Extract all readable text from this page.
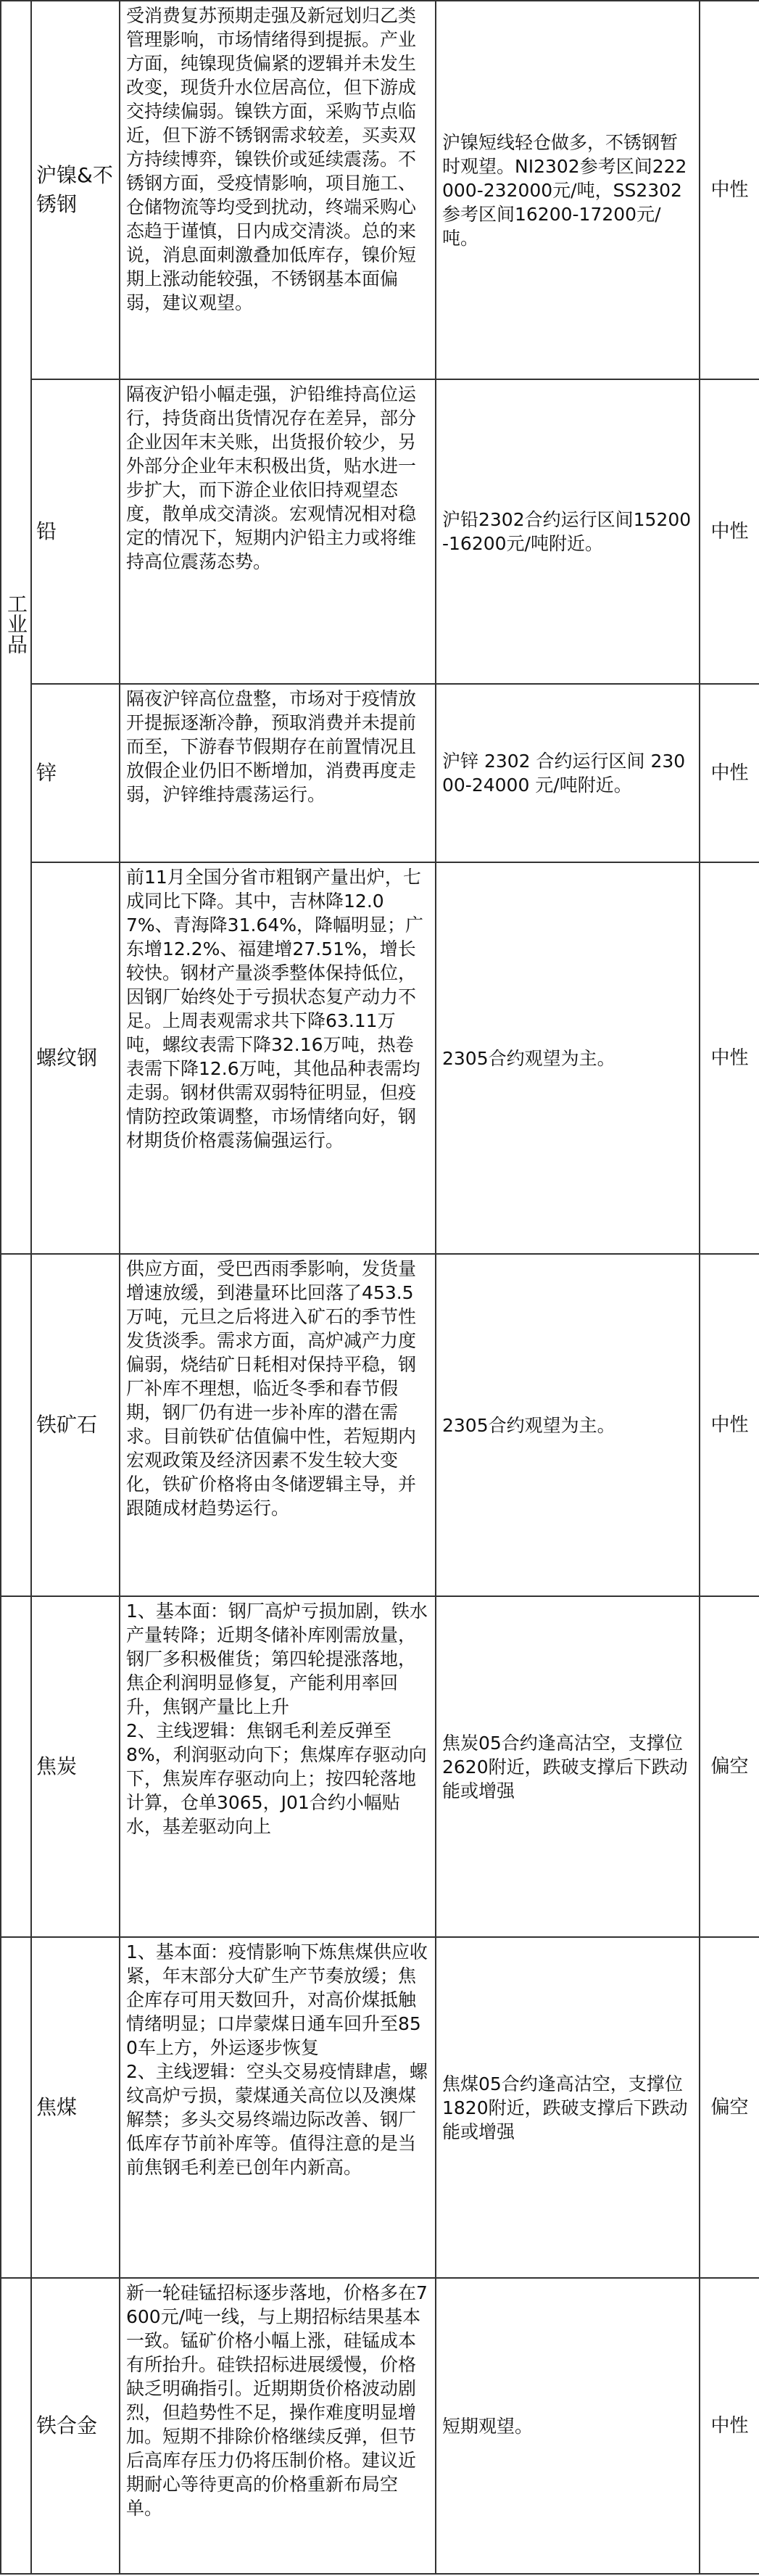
工业品	沪镍&不锈钢	受消费复苏预期走强及新冠划归乙类管理影响，市场情绪得到提振。产业方面，纯镍现货偏紧的逻辑并未发生改变，现货升水位居高位，但下游成交持续偏弱。镍铁方面，采购节点临近，但下游不锈钢需求较差，买卖双方持续博弈，镍铁价或延续震荡。不锈钢方面，受疫情影响，项目施工、仓储物流等均受到扰动，终端采购心态趋于谨慎，日内成交清淡。总的来说，消息面刺激叠加低库存，镍价短期上涨动能较强，不锈钢基本面偏弱，建议观望。	沪镍短线轻仓做多，不锈钢暂时观望。NI2302参考区间222000-232000元/吨，SS2302参考区间16200-17200元/吨。	中性
	铅	隔夜沪铅小幅走强，沪铅维持高位运行，持货商出货情况存在差异，部分企业因年末关账，出货报价较少，另外部分企业年末积极出货，贴水进一步扩大，而下游企业依旧持观望态度，散单成交清淡。宏观情况相对稳定的情况下，短期内沪铅主力或将维持高位震荡态势。	沪铅2302合约运行区间15200-16200元/吨附近。	中性
	锌	隔夜沪锌高位盘整，市场对于疫情放开提振逐渐冷静，预取消费并未提前而至，下游春节假期存在前置情况且放假企业仍旧不断增加，消费再度走弱，沪锌维持震荡运行。	沪锌 2302 合约运行区间 23000-24000 元/吨附近。	中性
	螺纹钢	前11月全国分省市粗钢产量出炉，七成同比下降。其中，吉林降12.07%、青海降31.64%，降幅明显；广东增12.2%、福建增27.51%，增长较快。钢材产量淡季整体保持低位，因钢厂始终处于亏损状态复产动力不足。上周表观需求共下降63.11万吨，螺纹表需下降32.16万吨，热卷表需下降12.6万吨，其他品种表需均走弱。钢材供需双弱特征明显，但疫情防控政策调整，市场情绪向好，钢材期货价格震荡偏强运行。	2305合约观望为主。	中性
	铁矿石	供应方面，受巴西雨季影响，发货量增速放缓，到港量环比回落了453.5万吨，元旦之后将进入矿石的季节性发货淡季。需求方面，高炉减产力度偏弱，烧结矿日耗相对保持平稳，钢厂补库不理想，临近冬季和春节假期，钢厂仍有进一步补库的潜在需求。目前铁矿估值偏中性，若短期内宏观政策及经济因素不发生较大变化，铁矿价格将由冬储逻辑主导，并跟随成材趋势运行。	2305合约观望为主。	中性
	焦炭	1、基本面：钢厂高炉亏损加剧，铁水产量转降；近期冬储补库刚需放量，钢厂多积极催货；第四轮提涨落地，焦企利润明显修复，产能利用率回升，焦钢产量比上升
2、主线逻辑：焦钢毛利差反弹至8%，利润驱动向下；焦煤库存驱动向下，焦炭库存驱动向上；按四轮落地计算，仓单3065，J01合约小幅贴水，基差驱动向上	焦炭05合约逢高沽空，支撑位2620附近，跌破支撑后下跌动能或增强	偏空
	焦煤	1、基本面：疫情影响下炼焦煤供应收紧，年末部分大矿生产节奏放缓；焦企库存可用天数回升，对高价煤抵触情绪明显；口岸蒙煤日通车回升至850车上方，外运逐步恢复
2、主线逻辑：空头交易疫情肆虐，螺纹高炉亏损，蒙煤通关高位以及澳煤解禁；多头交易终端边际改善、钢厂低库存节前补库等。值得注意的是当前焦钢毛利差已创年内新高。	焦煤05合约逢高沽空，支撑位1820附近，跌破支撑后下跌动能或增强	偏空
	铁合金	新一轮硅锰招标逐步落地，价格多在7600元/吨一线，与上期招标结果基本一致。锰矿价格小幅上涨，硅锰成本有所抬升。硅铁招标进展缓慢，价格缺乏明确指引。近期期货价格波动剧烈，但趋势性不足，操作难度明显增加。短期不排除价格继续反弹，但节后高库存压力仍将压制价格。建议近期耐心等待更高的价格重新布局空单。	短期观望。	中性
